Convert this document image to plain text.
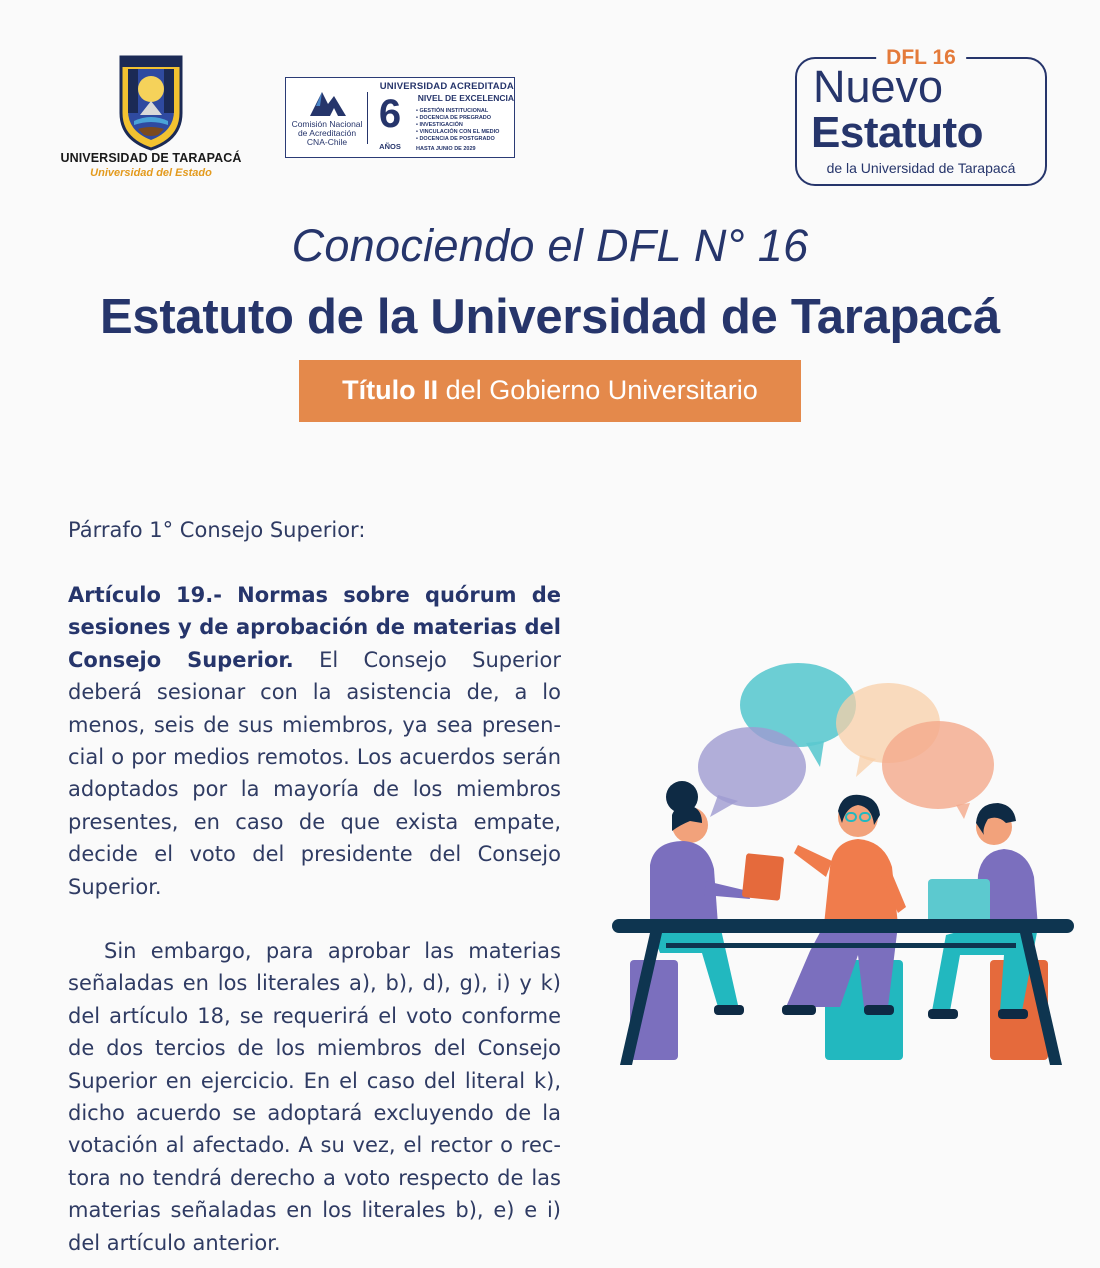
UNIVERSIDAD DE TARAPACÁ
Universidad del Estado
Comisión Nacional
de Acreditación
CNA-Chile
6
AÑOS
UNIVERSIDAD ACREDITADA
NIVEL DE EXCELENCIA
• GESTIÓN INSTITUCIONAL
• DOCENCIA DE PREGRADO
• INVESTIGACIÓN
• VINCULACIÓN CON EL MEDIO
• DOCENCIA DE POSTGRADO
HASTA JUNIO DE 2029
DFL 16
Nuevo
Estatuto
de la Universidad de Tarapacá
Conociendo el DFL N° 16
Estatuto de la Universidad de Tarapacá
Título II del Gobierno Universitario
Párrafo 1° Consejo Superior:
Artículo 19.- Normas sobre quórum de sesiones y de aprobación de materias del Consejo Superior. El Consejo Superior deberá sesionar con la asistencia de, a lo menos, seis de sus miembros, ya sea presencial o por medios remotos. Los acuerdos serán adoptados por la mayoría de los miembros presentes, en caso de que exista empate, decide el voto del presidente del Consejo Superior.
Sin embargo, para aprobar las materias señaladas en los literales a), b), d), g), i) y k) del artículo 18, se requerirá el voto conforme de dos tercios de los miembros del Consejo Superior en ejercicio. En el caso del literal k), dicho acuerdo se adoptará excluyendo de la votación al afectado. A su vez, el rector o rectora no tendrá derecho a voto respecto de las materias señaladas en los literales b), e) e i) del artículo anterior.
